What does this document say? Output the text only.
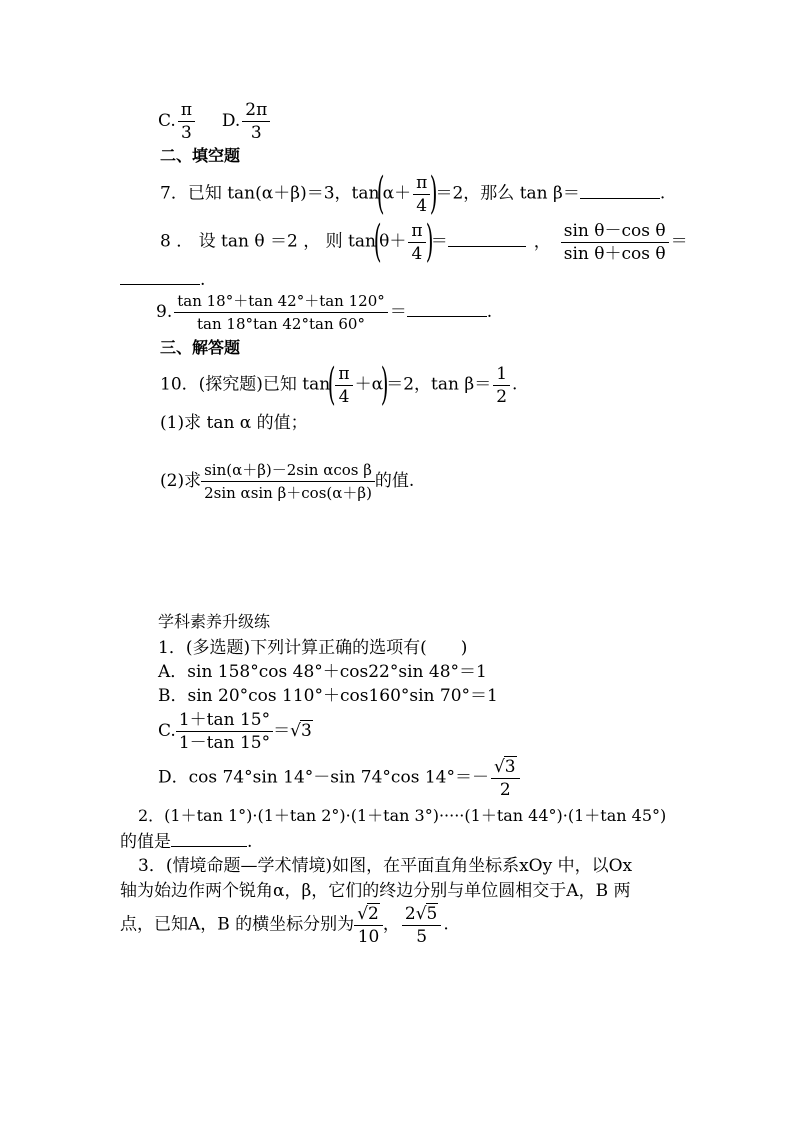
C. $\frac{\pi}{3} D$. $\frac{2\pi}{3}$
二、填空题
7．已知 tan(α＋β)＝3，$\tan(\alpha+ \frac{\pi}{4} )=2$，那么 tan β＝	.
8 ． 设 tan θ ＝2 ， 则 $\tan(\theta+ \frac{\pi}{4}$ )＝	， $\frac{\text{sin θ－cos θ}}{\text{sin θ＋cos θ}}$ ＝
.
9. $\frac{\tan 18^\circ+\tan 42^\circ+\tan 120^\circ}{\tan 18^\circ\tan 42^\circ\tan 60^\circ}$ ＝	.
三、解答题
10．(探究题)已知 $\tan( \frac{\pi}{4} +\alpha)=2$，$\tan \beta= \frac{1}{2}$ .
(1)求 tan α 的值；
(2)求 $\frac{\text{sin(α＋β)－2sin αcos β}}{\text{2sin αsin β＋cos(α＋β)}}$ 的值.
学科素养升级练
1．(多选题)下列计算正确的选项有(　　)
A．sin 158°cos 48°＋cos22°sin 48°＝1
B．sin 20°cos 110°＋cos160°sin 70°＝1
C. $\frac{1+\tan 15^\circ}{1-\tan 15^\circ} =√3$
D．cos 74°sin 14°－sin 74°cos $14^\circ=- \frac{√3}{2}$
2．(1＋tan 1°)·(1＋tan 2°)·(1＋tan 3°)·····(1＋tan 44°)·(1＋tan 45°)
的值是	.
3．(情境命题—学术情境)如图，在平面直角坐标系xOy 中，以Ox
轴为始边作两个锐角α，β，它们的终边分别与单位圆相交于A，B 两
点，已知A，B 的横坐标分别为 $\frac{√2}{10}$ ， $\frac{2√5}{5}$ .
